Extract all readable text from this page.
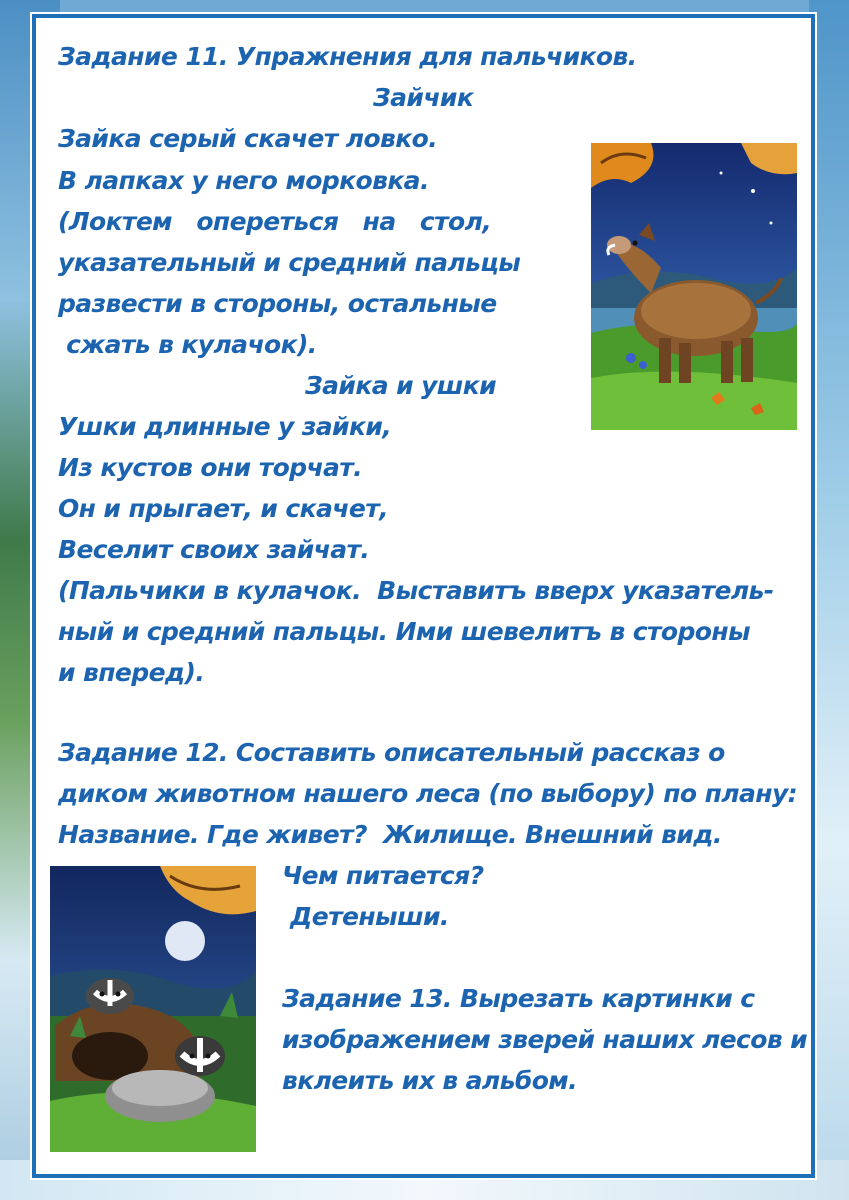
Задание 11. Упражнения для пальчиков.

Зайчик

Зайка серый скачет ловко.

В лапках у него морковка.

(Локтем   опереться   на   стол,

указательный и средний пальцы

развести в стороны, остальные

сжать в кулачок).

Зайка и ушки

Ушки длинные у зайки,

Из кустов они торчат.

Он и прыгает, и скачет,

Веселит своих зайчат.

(Пальчики в кулачок.  Выставитъ вверх указатель-

ный и средний пальцы. Ими шевелитъ в стороны

и вперед).

Задание 12. Составить описательный рассказ о

диком животном нашего леса (по выбору) по плану:

Название. Где живет?  Жилище. Внешний вид.

Чем питается?

Детеныши.

Задание 13. Вырезать картинки с

изображением зверей наших лесов и

вклеить их в альбом.
